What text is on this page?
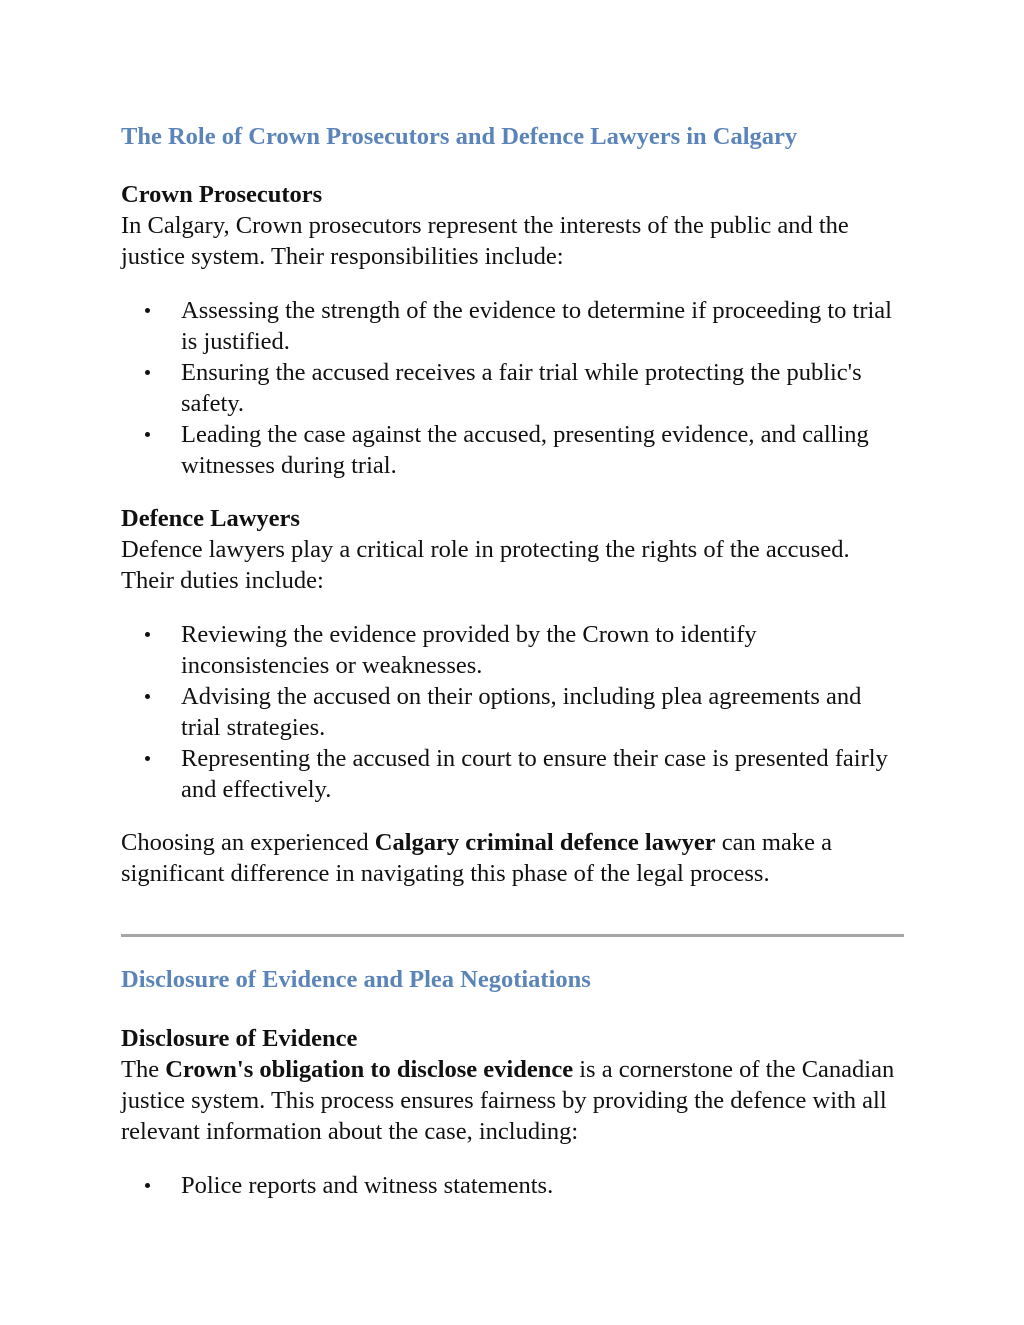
The Role of Crown Prosecutors and Defence Lawyers in Calgary
Crown Prosecutors
In Calgary, Crown prosecutors represent the interests of the public and the justice system. Their responsibilities include:
Assessing the strength of the evidence to determine if proceeding to trial is justified.
Ensuring the accused receives a fair trial while protecting the public's safety.
Leading the case against the accused, presenting evidence, and calling witnesses during trial.
Defence Lawyers
Defence lawyers play a critical role in protecting the rights of the accused. Their duties include:
Reviewing the evidence provided by the Crown to identify inconsistencies or weaknesses.
Advising the accused on their options, including plea agreements and trial strategies.
Representing the accused in court to ensure their case is presented fairly and effectively.
Choosing an experienced Calgary criminal defence lawyer can make a significant difference in navigating this phase of the legal process.
Disclosure of Evidence and Plea Negotiations
Disclosure of Evidence
The Crown's obligation to disclose evidence is a cornerstone of the Canadian justice system. This process ensures fairness by providing the defence with all relevant information about the case, including:
Police reports and witness statements.
